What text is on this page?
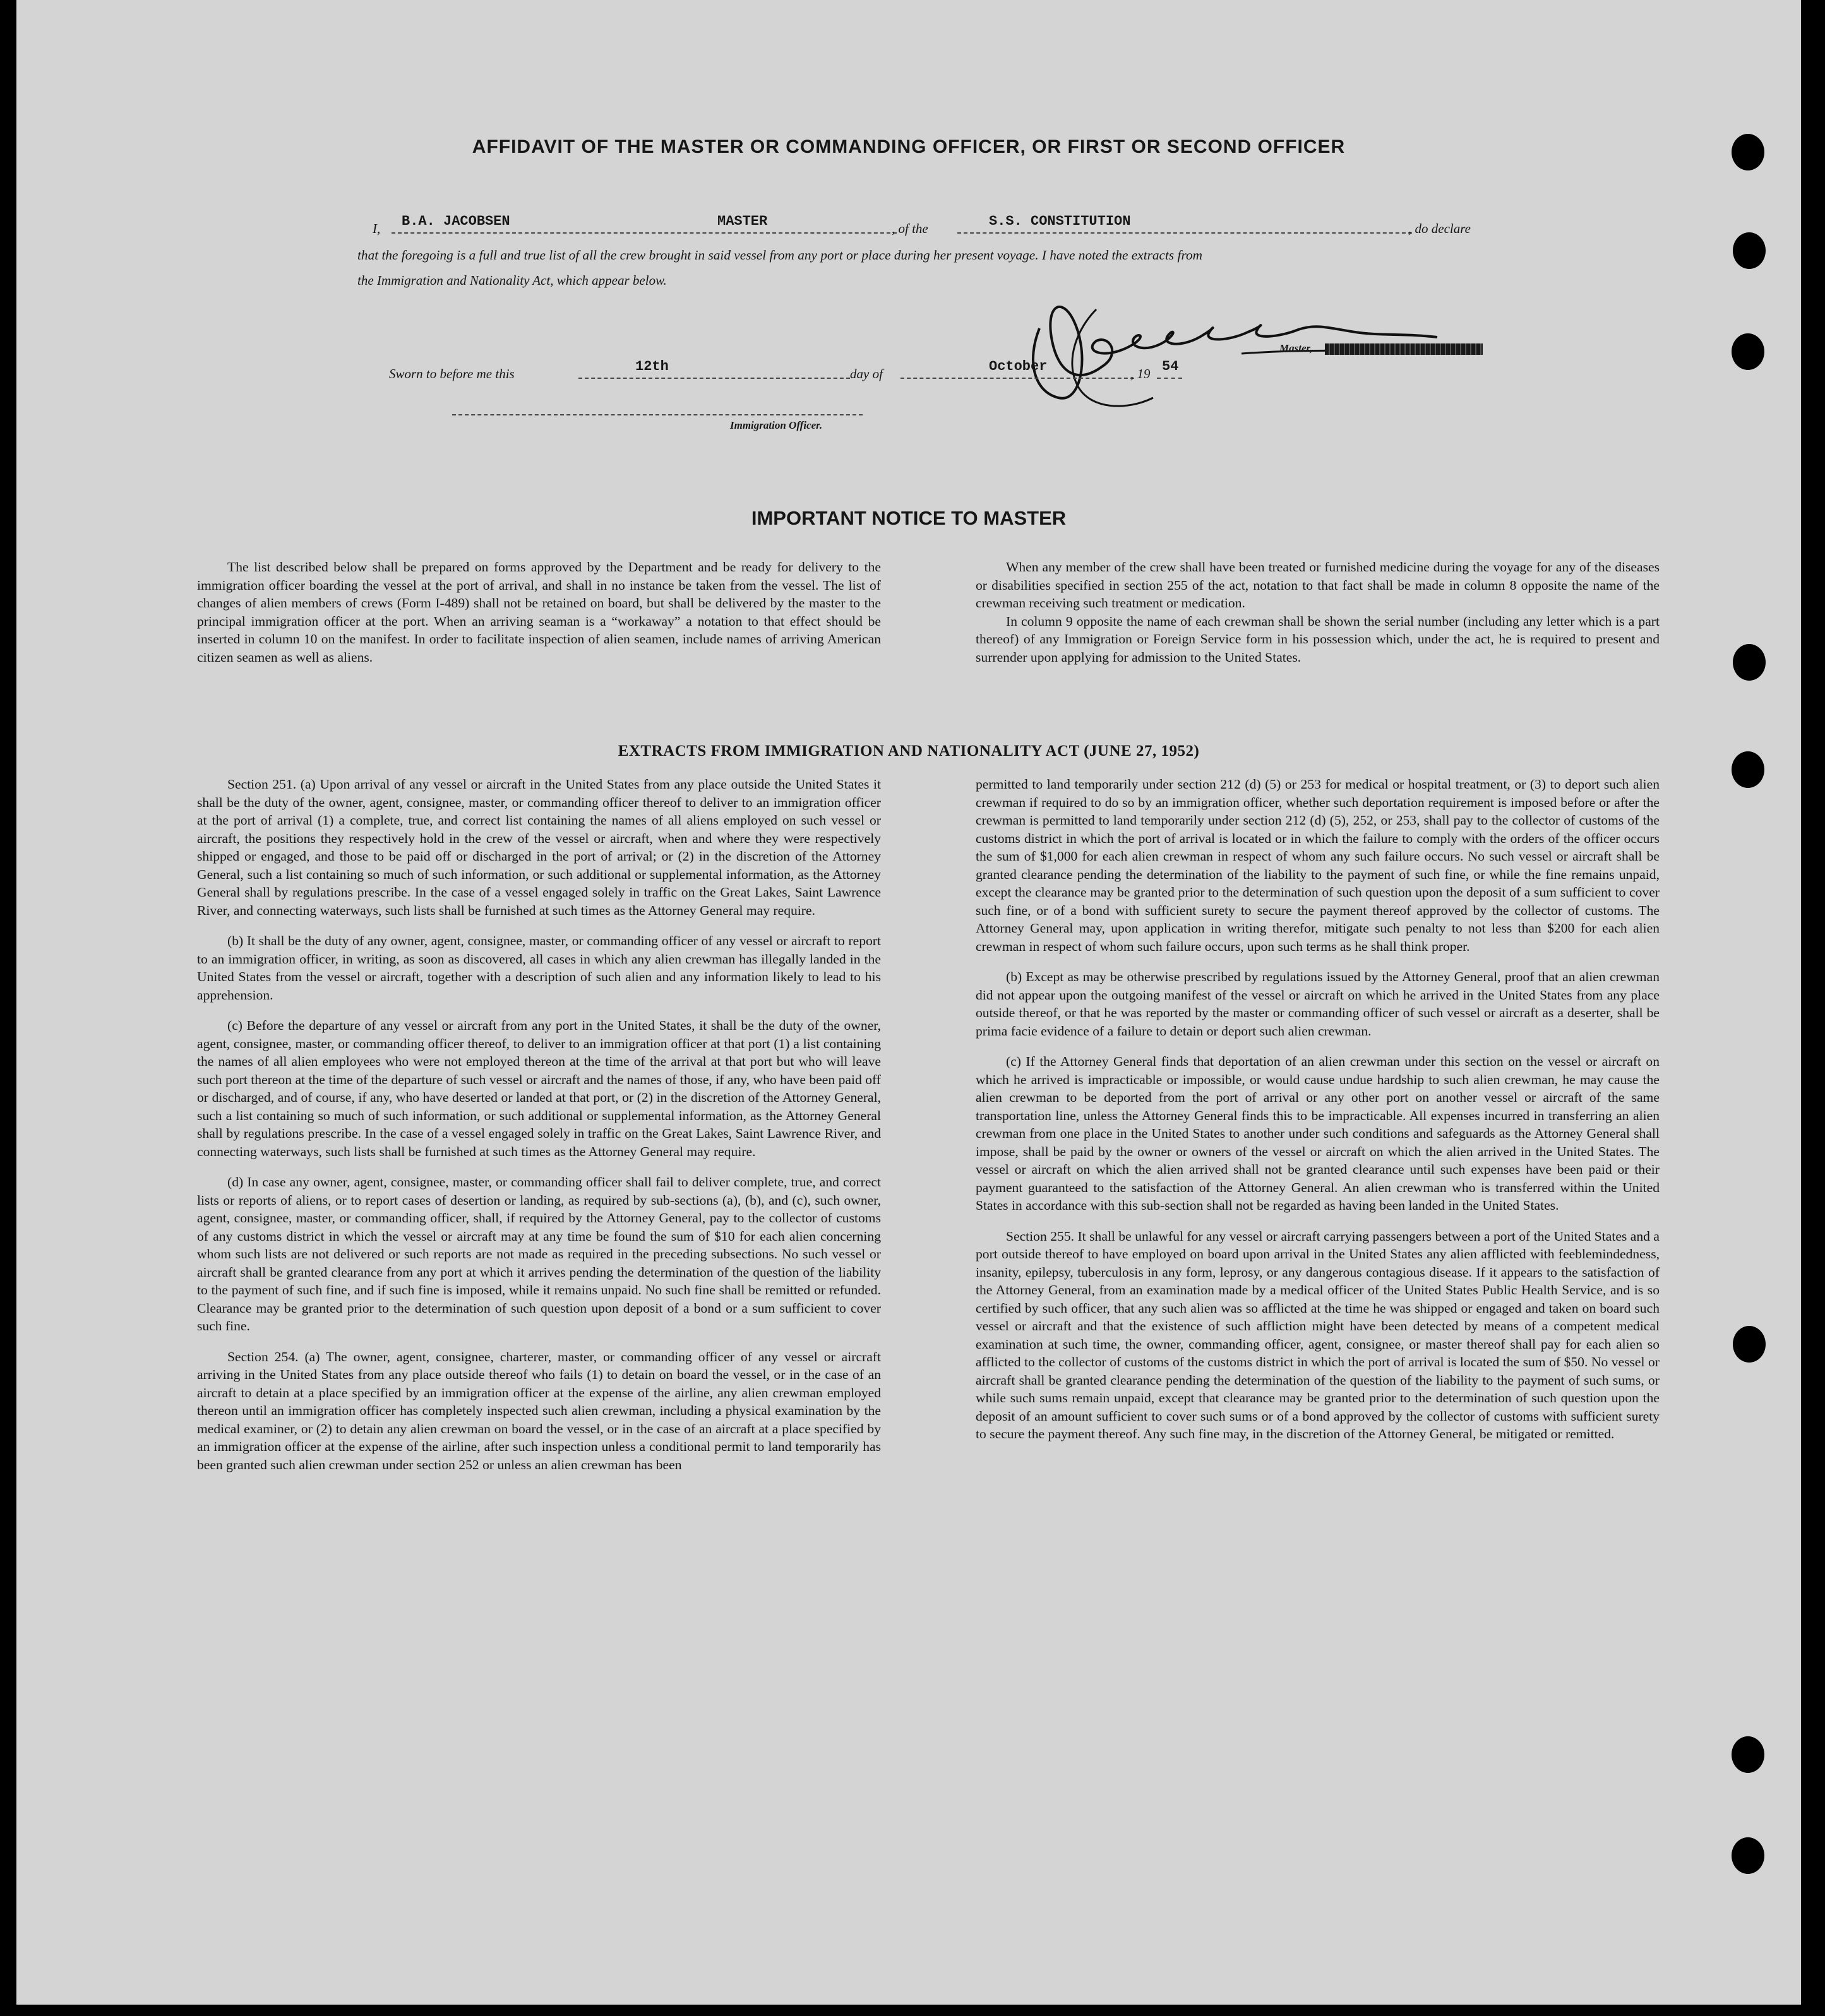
AFFIDAVIT OF THE MASTER OR COMMANDING OFFICER, OR FIRST OR SECOND OFFICER
I, B.A. JACOBSEN	MASTER	, of the	S.S. CONSTITUTION	, do declare
that the foregoing is a full and true list of all the crew brought in said vessel from any port or place during her present voyage. I have noted the extracts from
the Immigration and Nationality Act, which appear below.
Master,
Sworn to before me this	12th	day of	October	, 19 54
Immigration Officer.
IMPORTANT NOTICE TO MASTER

The list described below shall be prepared on forms approved by the Department and be ready for delivery to the immigration officer boarding the vessel at the port of arrival, and shall in no instance be taken from the vessel. The list of changes of alien members of crews (Form I-489) shall not be retained on board, but shall be delivered by the master to the principal immigration officer at the port. When an arriving seaman is a “workaway” a notation to that effect should be inserted in column 10 on the manifest. In order to facilitate inspection of alien seamen, include names of arriving American citizen seamen as well as aliens.

When any member of the crew shall have been treated or furnished medicine during the voyage for any of the diseases or disabilities specified in section 255 of the act, notation to that fact shall be made in column 8 opposite the name of the crewman receiving such treatment or medication.

In column 9 opposite the name of each crewman shall be shown the serial number (including any letter which is a part thereof) of any Immigration or Foreign Service form in his possession which, under the act, he is required to present and surrender upon applying for admission to the United States.

EXTRACTS FROM IMMIGRATION AND NATIONALITY ACT (JUNE 27, 1952)

Section 251. (a) Upon arrival of any vessel or aircraft in the United States from any place outside the United States it shall be the duty of the owner, agent, consignee, master, or commanding officer thereof to deliver to an immigration officer at the port of arrival (1) a complete, true, and correct list containing the names of all aliens employed on such vessel or aircraft, the positions they respectively hold in the crew of the vessel or aircraft, when and where they were respectively shipped or engaged, and those to be paid off or discharged in the port of arrival; or (2) in the discretion of the Attorney General, such a list containing so much of such information, or such additional or supplemental information, as the Attorney General shall by regulations prescribe. In the case of a vessel engaged solely in traffic on the Great Lakes, Saint Lawrence River, and connecting waterways, such lists shall be furnished at such times as the Attorney General may require.

(b) It shall be the duty of any owner, agent, consignee, master, or commanding officer of any vessel or aircraft to report to an immigration officer, in writing, as soon as discovered, all cases in which any alien crewman has illegally landed in the United States from the vessel or aircraft, together with a description of such alien and any information likely to lead to his apprehension.

(c) Before the departure of any vessel or aircraft from any port in the United States, it shall be the duty of the owner, agent, consignee, master, or commanding officer thereof, to deliver to an immigration officer at that port (1) a list containing the names of all alien employees who were not employed thereon at the time of the arrival at that port but who will leave such port thereon at the time of the departure of such vessel or aircraft and the names of those, if any, who have been paid off or discharged, and of course, if any, who have deserted or landed at that port, or (2) in the discretion of the Attorney General, such a list containing so much of such information, or such additional or supplemental information, as the Attorney General shall by regulations prescribe. In the case of a vessel engaged solely in traffic on the Great Lakes, Saint Lawrence River, and connecting waterways, such lists shall be furnished at such times as the Attorney General may require.

(d) In case any owner, agent, consignee, master, or commanding officer shall fail to deliver complete, true, and correct lists or reports of aliens, or to report cases of desertion or landing, as required by sub-sections (a), (b), and (c), such owner, agent, consignee, master, or commanding officer, shall, if required by the Attorney General, pay to the collector of customs of any customs district in which the vessel or aircraft may at any time be found the sum of $10 for each alien concerning whom such lists are not delivered or such reports are not made as required in the preceding subsections. No such vessel or aircraft shall be granted clearance from any port at which it arrives pending the determination of the question of the liability to the payment of such fine, and if such fine is imposed, while it remains unpaid. No such fine shall be remitted or refunded. Clearance may be granted prior to the determination of such question upon deposit of a bond or a sum sufficient to cover such fine.

Section 254. (a) The owner, agent, consignee, charterer, master, or commanding officer of any vessel or aircraft arriving in the United States from any place outside thereof who fails (1) to detain on board the vessel, or in the case of an aircraft to detain at a place specified by an immigration officer at the expense of the airline, any alien crewman employed thereon until an immigration officer has completely inspected such alien crewman, including a physical examination by the medical examiner, or (2) to detain any alien crewman on board the vessel, or in the case of an aircraft at a place specified by an immigration officer at the expense of the airline, after such inspection unless a conditional permit to land temporarily has been granted such alien crewman under section 252 or unless an alien crewman has been

permitted to land temporarily under section 212 (d) (5) or 253 for medical or hospital treatment, or (3) to deport such alien crewman if required to do so by an immigration officer, whether such deportation requirement is imposed before or after the crewman is permitted to land temporarily under section 212 (d) (5), 252, or 253, shall pay to the collector of customs of the customs district in which the port of arrival is located or in which the failure to comply with the orders of the officer occurs the sum of $1,000 for each alien crewman in respect of whom any such failure occurs. No such vessel or aircraft shall be granted clearance pending the determination of the liability to the payment of such fine, or while the fine remains unpaid, except the clearance may be granted prior to the determination of such question upon the deposit of a sum sufficient to cover such fine, or of a bond with sufficient surety to secure the payment thereof approved by the collector of customs. The Attorney General may, upon application in writing therefor, mitigate such penalty to not less than $200 for each alien crewman in respect of whom such failure occurs, upon such terms as he shall think proper.

(b) Except as may be otherwise prescribed by regulations issued by the Attorney General, proof that an alien crewman did not appear upon the outgoing manifest of the vessel or aircraft on which he arrived in the United States from any place outside thereof, or that he was reported by the master or commanding officer of such vessel or aircraft as a deserter, shall be prima facie evidence of a failure to detain or deport such alien crewman.

(c) If the Attorney General finds that deportation of an alien crewman under this section on the vessel or aircraft on which he arrived is impracticable or impossible, or would cause undue hardship to such alien crewman, he may cause the alien crewman to be deported from the port of arrival or any other port on another vessel or aircraft of the same transportation line, unless the Attorney General finds this to be impracticable. All expenses incurred in transferring an alien crewman from one place in the United States to another under such conditions and safeguards as the Attorney General shall impose, shall be paid by the owner or owners of the vessel or aircraft on which the alien arrived in the United States. The vessel or aircraft on which the alien arrived shall not be granted clearance until such expenses have been paid or their payment guaranteed to the satisfaction of the Attorney General. An alien crewman who is transferred within the United States in accordance with this sub-section shall not be regarded as having been landed in the United States.

Section 255. It shall be unlawful for any vessel or aircraft carrying passengers between a port of the United States and a port outside thereof to have employed on board upon arrival in the United States any alien afflicted with feeblemindedness, insanity, epilepsy, tuberculosis in any form, leprosy, or any dangerous contagious disease. If it appears to the satisfaction of the Attorney General, from an examination made by a medical officer of the United States Public Health Service, and is so certified by such officer, that any such alien was so afflicted at the time he was shipped or engaged and taken on board such vessel or aircraft and that the existence of such affliction might have been detected by means of a competent medical examination at such time, the owner, commanding officer, agent, consignee, or master thereof shall pay for each alien so afflicted to the collector of customs of the customs district in which the port of arrival is located the sum of $50. No vessel or aircraft shall be granted clearance pending the determination of the question of the liability to the payment of such sums, or while such sums remain unpaid, except that clearance may be granted prior to the determination of such question upon the deposit of an amount sufficient to cover such sums or of a bond approved by the collector of customs with sufficient surety to secure the payment thereof. Any such fine may, in the discretion of the Attorney General, be mitigated or remitted.
